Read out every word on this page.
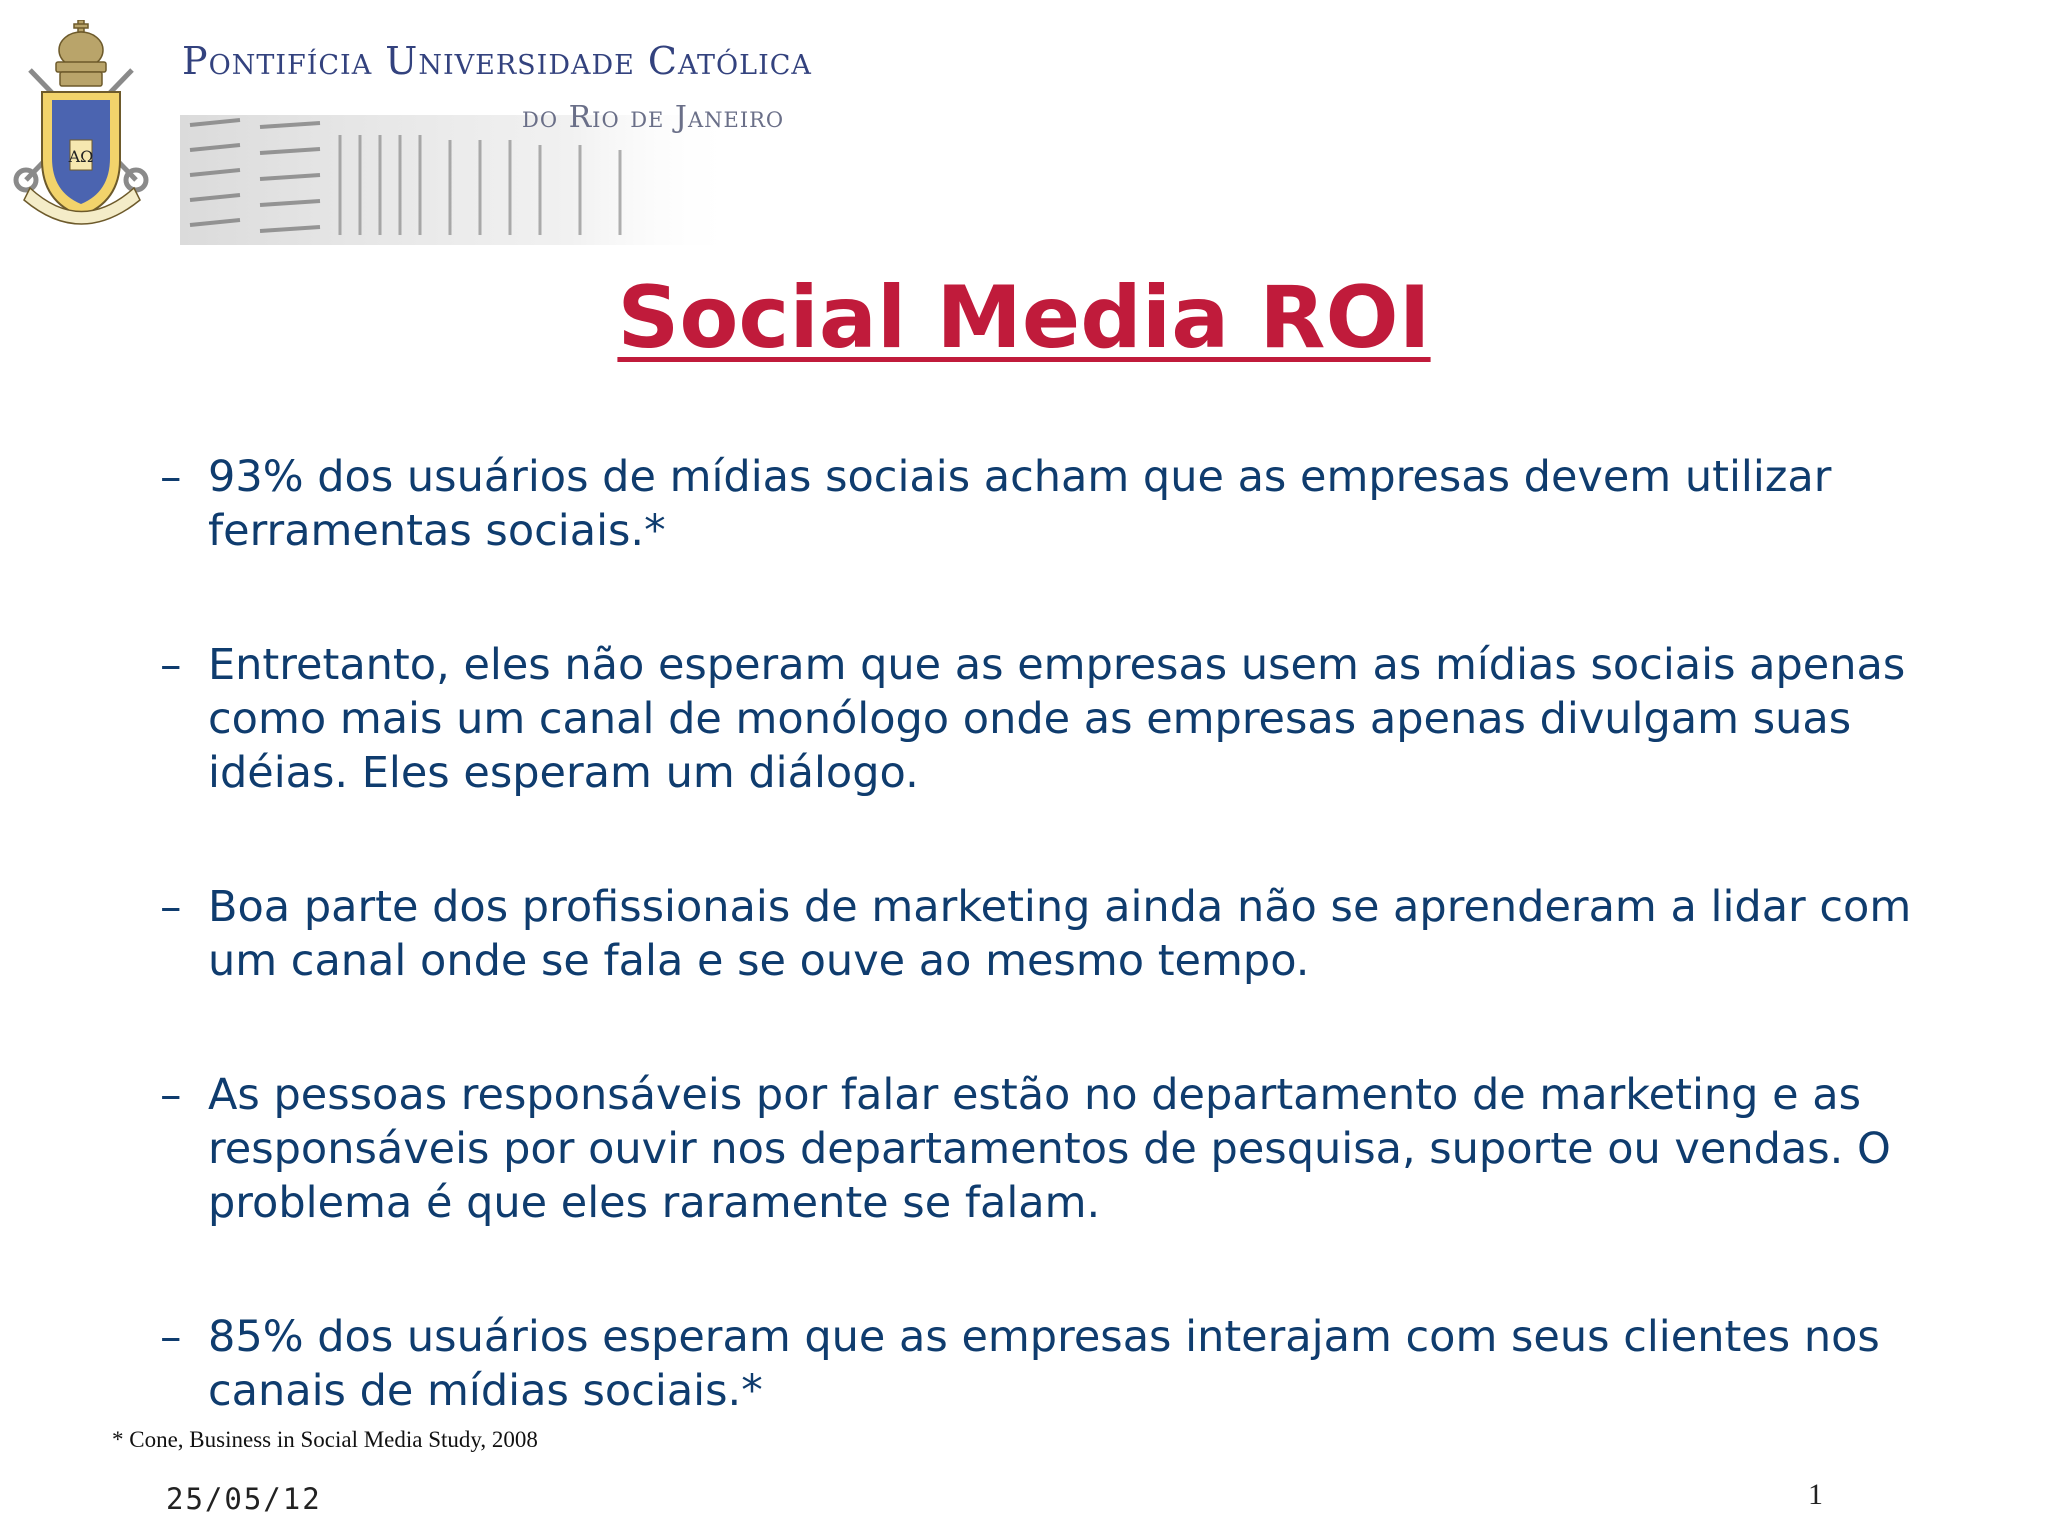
AΩ
Pontifícia Universidade Católica
do Rio de Janeiro
Social Media ROI

– 93% dos usuários de mídias sociais acham que as empresas devem utilizar ferramentas sociais.*

– Entretanto, eles não esperam que as empresas usem as mídias sociais apenas como mais um canal de monólogo onde as empresas apenas divulgam suas idéias. Eles esperam um diálogo.

– Boa parte dos profissionais de marketing ainda não se aprenderam a lidar com um canal onde se fala e se ouve ao mesmo tempo.

– As pessoas responsáveis por falar estão no departamento de marketing e as responsáveis por ouvir nos departamentos de pesquisa, suporte ou vendas. O problema é que eles raramente se falam.

– 85% dos usuários esperam que as empresas interajam com seus clientes nos canais de mídias sociais.*

* Cone, Business in Social Media Study, 2008
25/05/12	1
